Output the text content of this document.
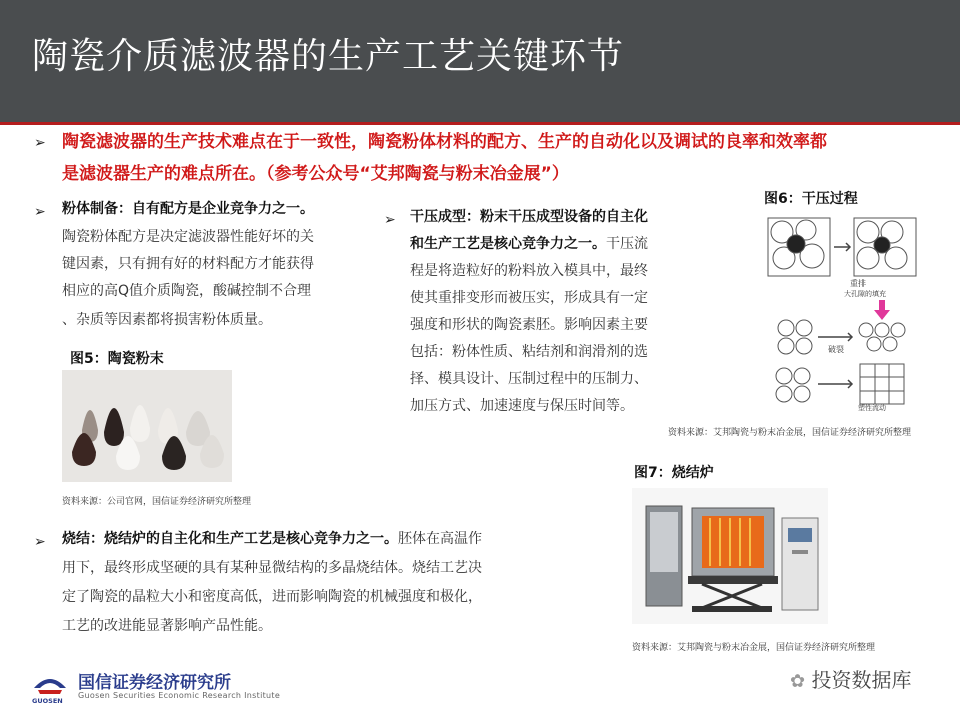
陶瓷介质滤波器的生产工艺关键环节
➢ 陶瓷滤波器的生产技术难点在于一致性，陶瓷粉体材料的配方、生产的自动化以及调试的良率和效率都
是滤波器生产的难点所在。（参考公众号“艾邦陶瓷与粉末冶金展”）
➢ 粉体制备：自有配方是企业竞争力之一。
陶瓷粉体配方是决定滤波器性能好坏的关
键因素，只有拥有好的材料配方才能获得
相应的高Q值介质陶瓷，酸碱控制不合理
、杂质等因素都将损害粉体质量。
图5：陶瓷粉末
资料来源：公司官网，国信证券经济研究所整理
➢ 干压成型：粉末干压成型设备的自主化
和生产工艺是核心竞争力之一。干压流
程是将造粒好的粉料放入模具中，最终
使其重排变形而被压实，形成具有一定
强度和形状的陶瓷素胚。影响因素主要
包括：粉体性质、粘结剂和润滑剂的选
择、模具设计、压制过程中的压制力、
加压方式、加速速度与保压时间等。
图6：干压过程
重排
大孔隙的填充
破裂
塑性流动
资料来源：艾邦陶瓷与粉末冶金展，国信证券经济研究所整理
图7：烧结炉
资料来源：艾邦陶瓷与粉末冶金展，国信证券经济研究所整理
➢ 烧结：烧结炉的自主化和生产工艺是核心竞争力之一。胚体在高温作
用下，最终形成坚硬的具有某种显微结构的多晶烧结体。烧结工艺决
定了陶瓷的晶粒大小和密度高低，进而影响陶瓷的机械强度和极化，
工艺的改进能显著影响产品性能。
GUOSEN
国信证券经济研究所
Guosen Securities Economic Research Institute
✿ 投资数据库
